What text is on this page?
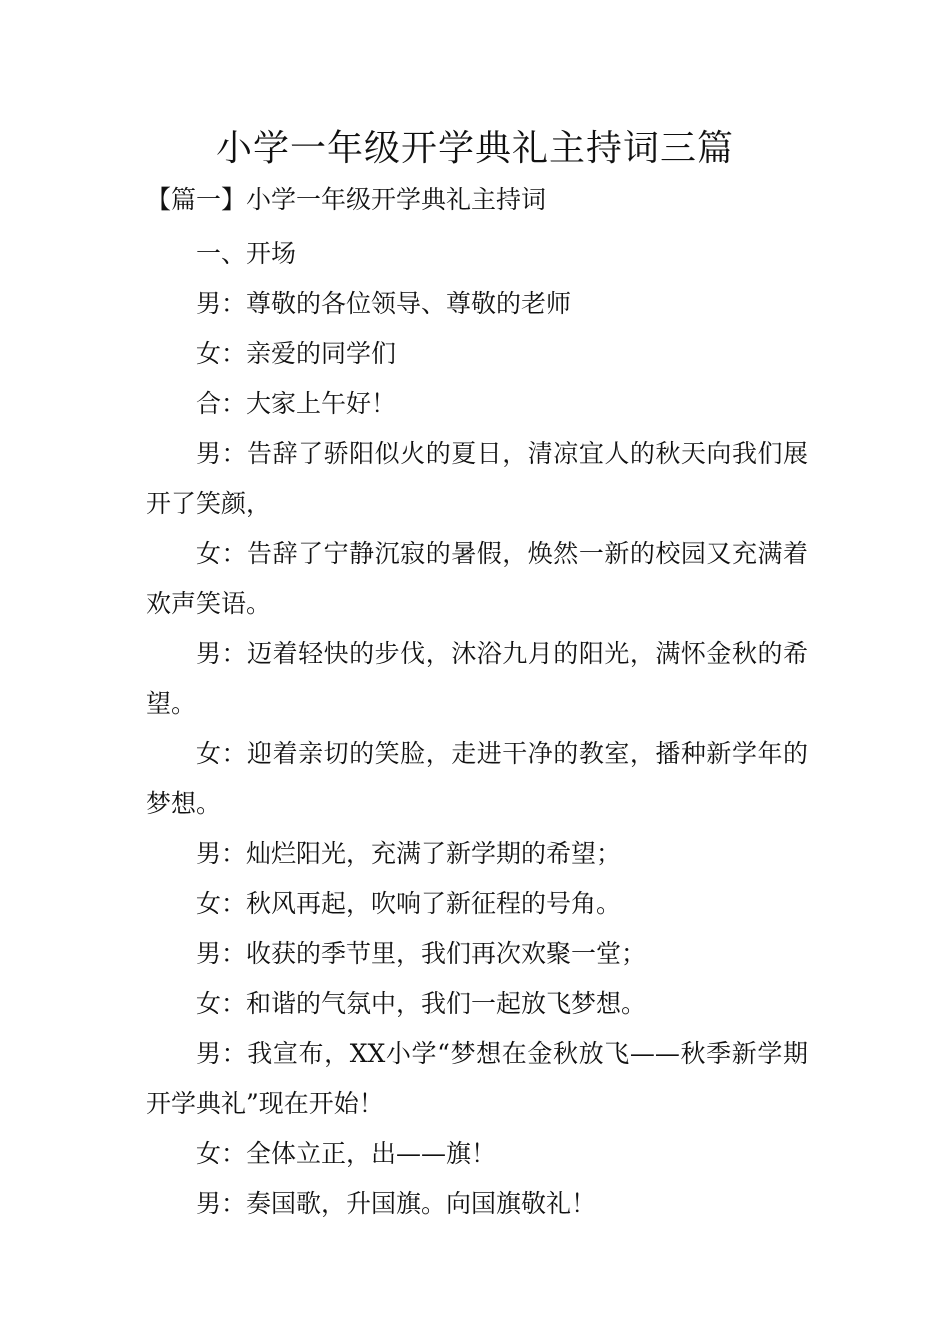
小学一年级开学典礼主持词三篇
【篇一】小学一年级开学典礼主持词

一、开场

男：尊敬的各位领导、尊敬的老师

女：亲爱的同学们

合：大家上午好！

男：告辞了骄阳似火的夏日，清凉宜人的秋天向我们展开了笑颜，

女：告辞了宁静沉寂的暑假，焕然一新的校园又充满着欢声笑语。

男：迈着轻快的步伐，沐浴九月的阳光，满怀金秋的希望。

女：迎着亲切的笑脸，走进干净的教室，播种新学年的梦想。

男：灿烂阳光，充满了新学期的希望；

女：秋风再起，吹响了新征程的号角。

男：收获的季节里，我们再次欢聚一堂；

女：和谐的气氛中，我们一起放飞梦想。

男：我宣布，XX小学“梦想在金秋放飞——秋季新学期开学典礼”现在开始！

女：全体立正，出——旗！

男：奏国歌，升国旗。向国旗敬礼！
